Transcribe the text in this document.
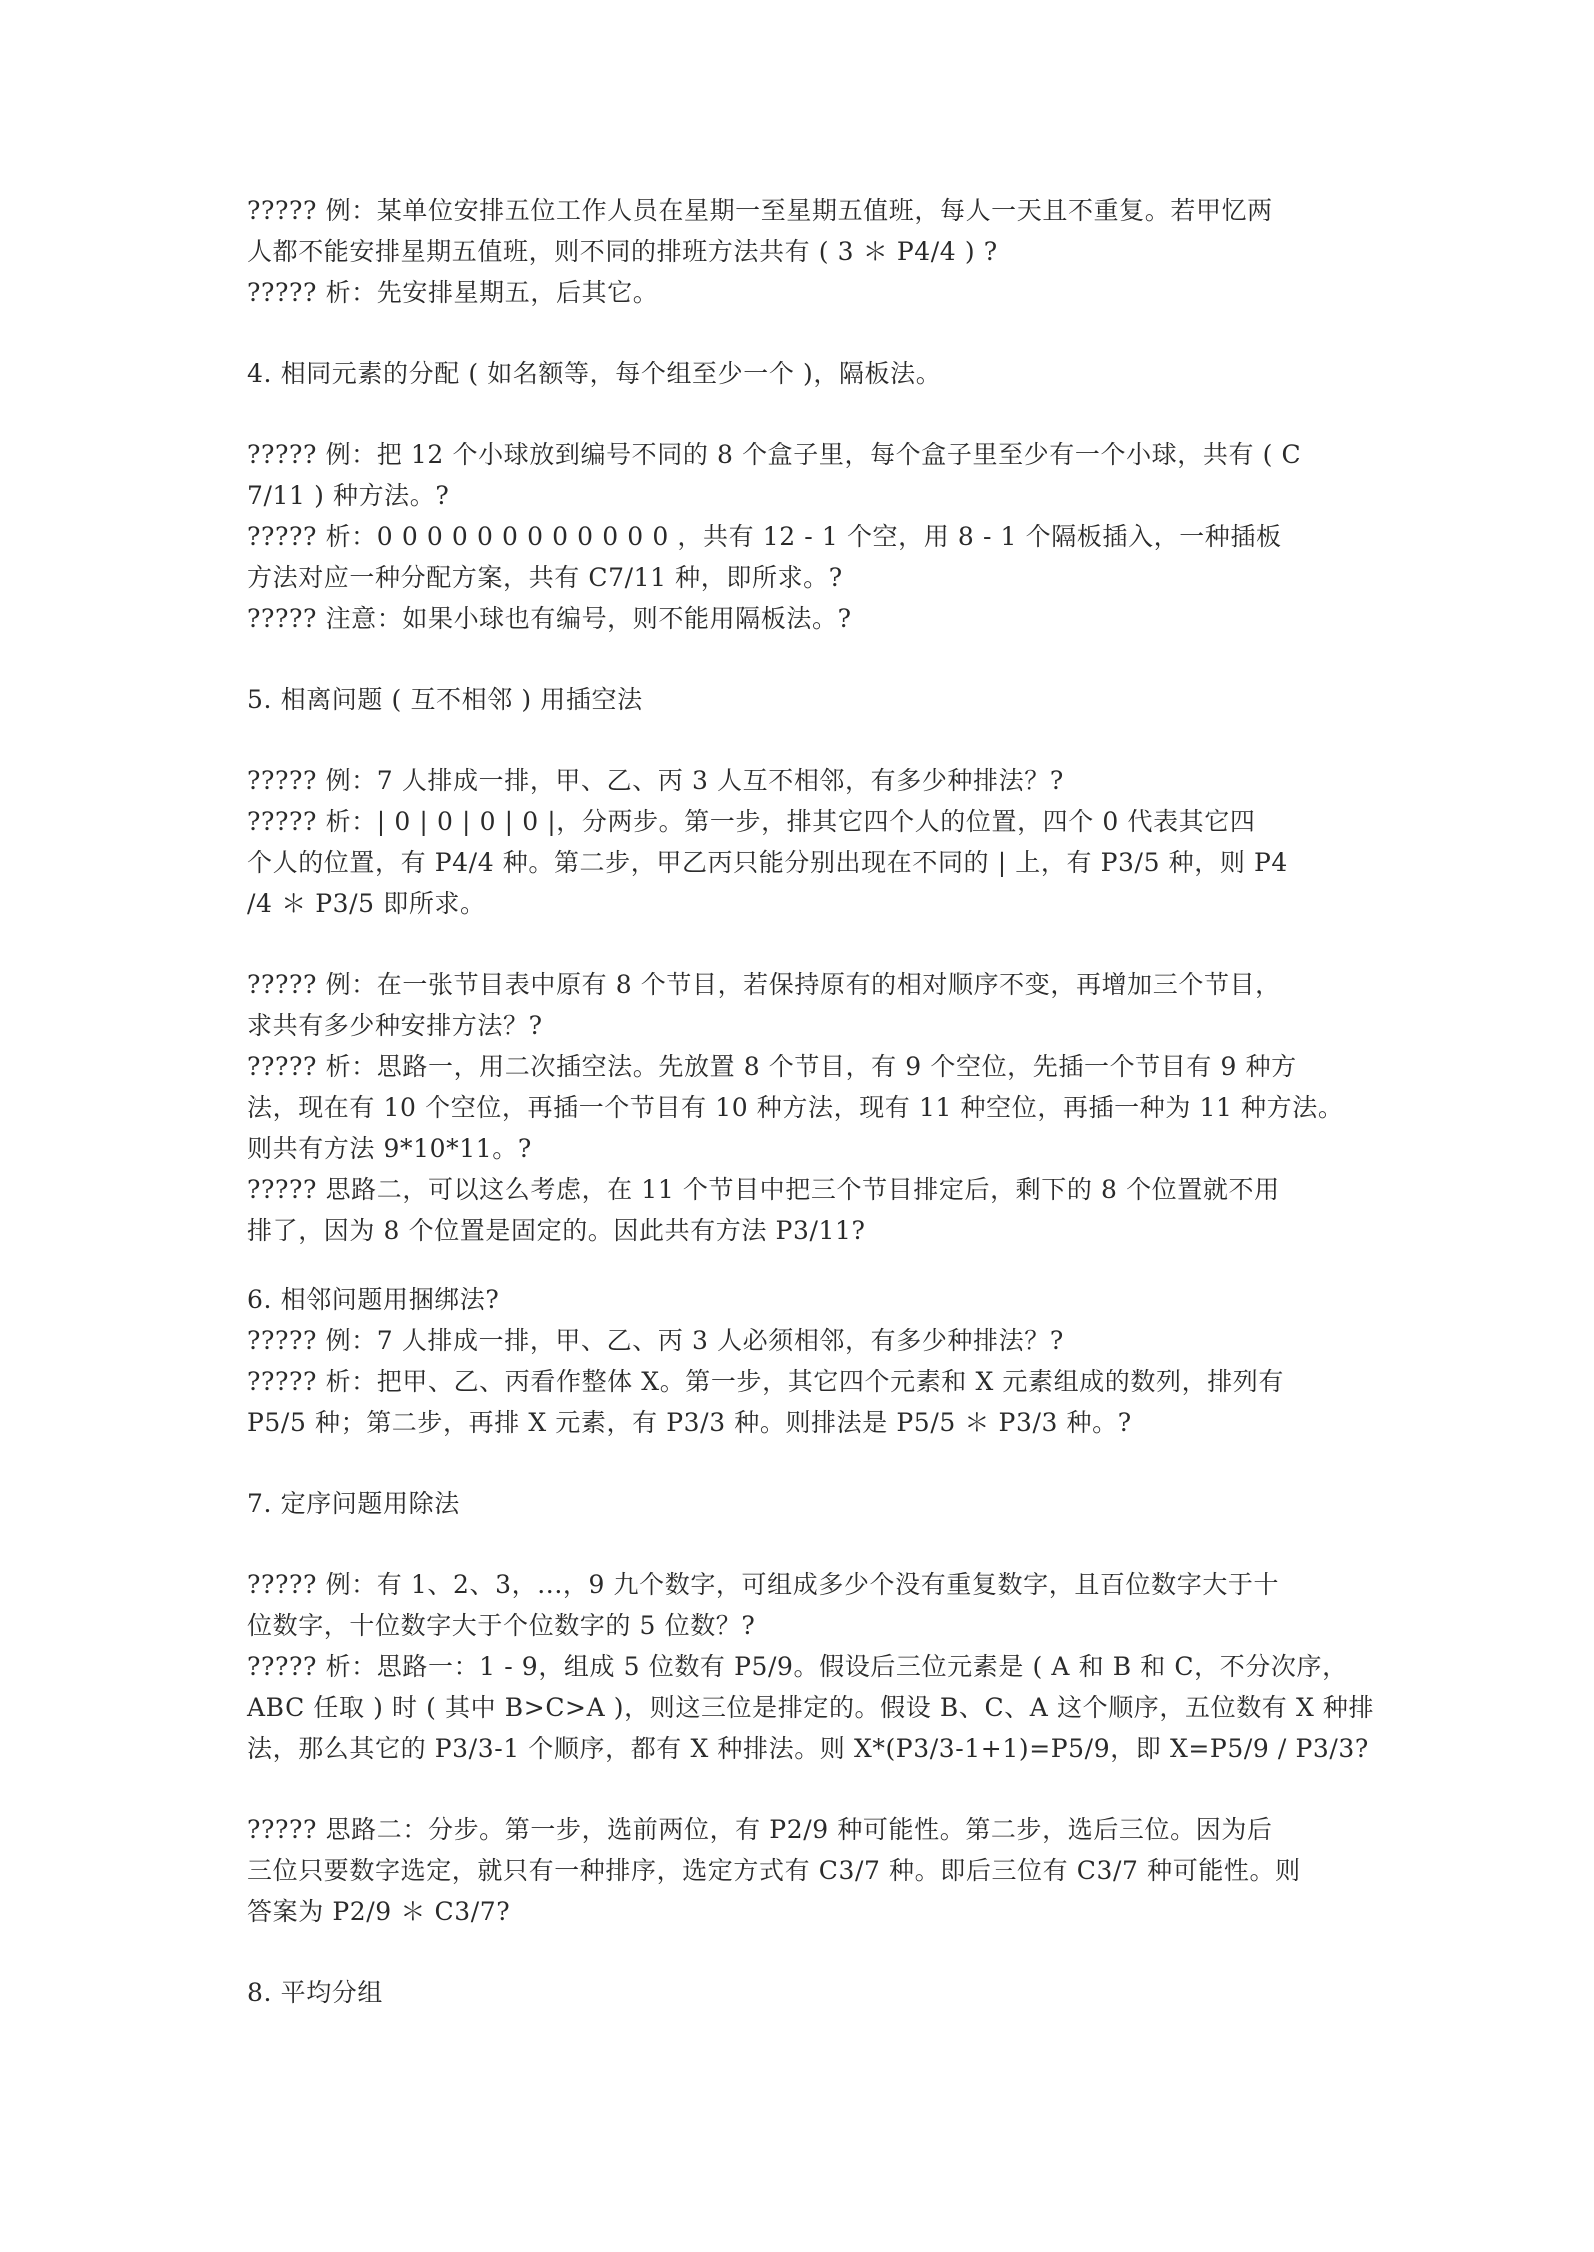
????? 例：某单位安排五位工作人员在星期一至星期五值班，每人一天且不重复。若甲忆两
人都不能安排星期五值班，则不同的排班方法共有 ( 3 ＊ P4/4 ) ?
????? 析：先安排星期五，后其它。
4. 相同元素的分配 ( 如名额等，每个组至少一个 )，隔板法。
????? 例：把 12 个小球放到编号不同的 8 个盒子里，每个盒子里至少有一个小球，共有 ( C
7/11 ) 种方法。?
????? 析：0 0 0 0 0 0 0 0 0 0 0 0 ，共有 12 - 1 个空，用 8 - 1 个隔板插入，一种插板
方法对应一种分配方案，共有 C7/11 种，即所求。?
????? 注意：如果小球也有编号，则不能用隔板法。?
5. 相离问题 ( 互不相邻 ) 用插空法
????? 例：7 人排成一排，甲、乙、丙 3 人互不相邻，有多少种排法？?
????? 析：| 0 | 0 | 0 | 0 |，分两步。第一步，排其它四个人的位置，四个 0 代表其它四
个人的位置，有 P4/4 种。第二步，甲乙丙只能分别出现在不同的 | 上，有 P3/5 种，则 P4
/4 ＊ P3/5 即所求。
????? 例：在一张节目表中原有 8 个节目，若保持原有的相对顺序不变，再增加三个节目，
求共有多少种安排方法？?
????? 析：思路一，用二次插空法。先放置 8 个节目，有 9 个空位，先插一个节目有 9 种方
法，现在有 10 个空位，再插一个节目有 10 种方法，现有 11 种空位，再插一种为 11 种方法。
则共有方法 9*10*11。?
????? 思路二，可以这么考虑，在 11 个节目中把三个节目排定后，剩下的 8 个位置就不用
排了，因为 8 个位置是固定的。因此共有方法 P3/11?
6. 相邻问题用捆绑法?
????? 例：7 人排成一排，甲、乙、丙 3 人必须相邻，有多少种排法？?
????? 析：把甲、乙、丙看作整体 X。第一步，其它四个元素和 X 元素组成的数列，排列有
P5/5 种；第二步，再排 X 元素，有 P3/3 种。则排法是 P5/5 ＊ P3/3 种。?
7. 定序问题用除法
????? 例：有 1、2、3，...，9 九个数字，可组成多少个没有重复数字，且百位数字大于十
位数字，十位数字大于个位数字的 5 位数？?
????? 析：思路一：1 - 9，组成 5 位数有 P5/9。假设后三位元素是 ( A 和 B 和 C，不分次序，
ABC 任取 ) 时 ( 其中 B>C>A )，则这三位是排定的。假设 B、C、A 这个顺序，五位数有 X 种排
法，那么其它的 P3/3-1 个顺序，都有 X 种排法。则 X*(P3/3-1+1)=P5/9，即 X=P5/9 / P3/3?
????? 思路二：分步。第一步，选前两位，有 P2/9 种可能性。第二步，选后三位。因为后
三位只要数字选定，就只有一种排序，选定方式有 C3/7 种。即后三位有 C3/7 种可能性。则
答案为 P2/9 ＊ C3/7?
8. 平均分组
